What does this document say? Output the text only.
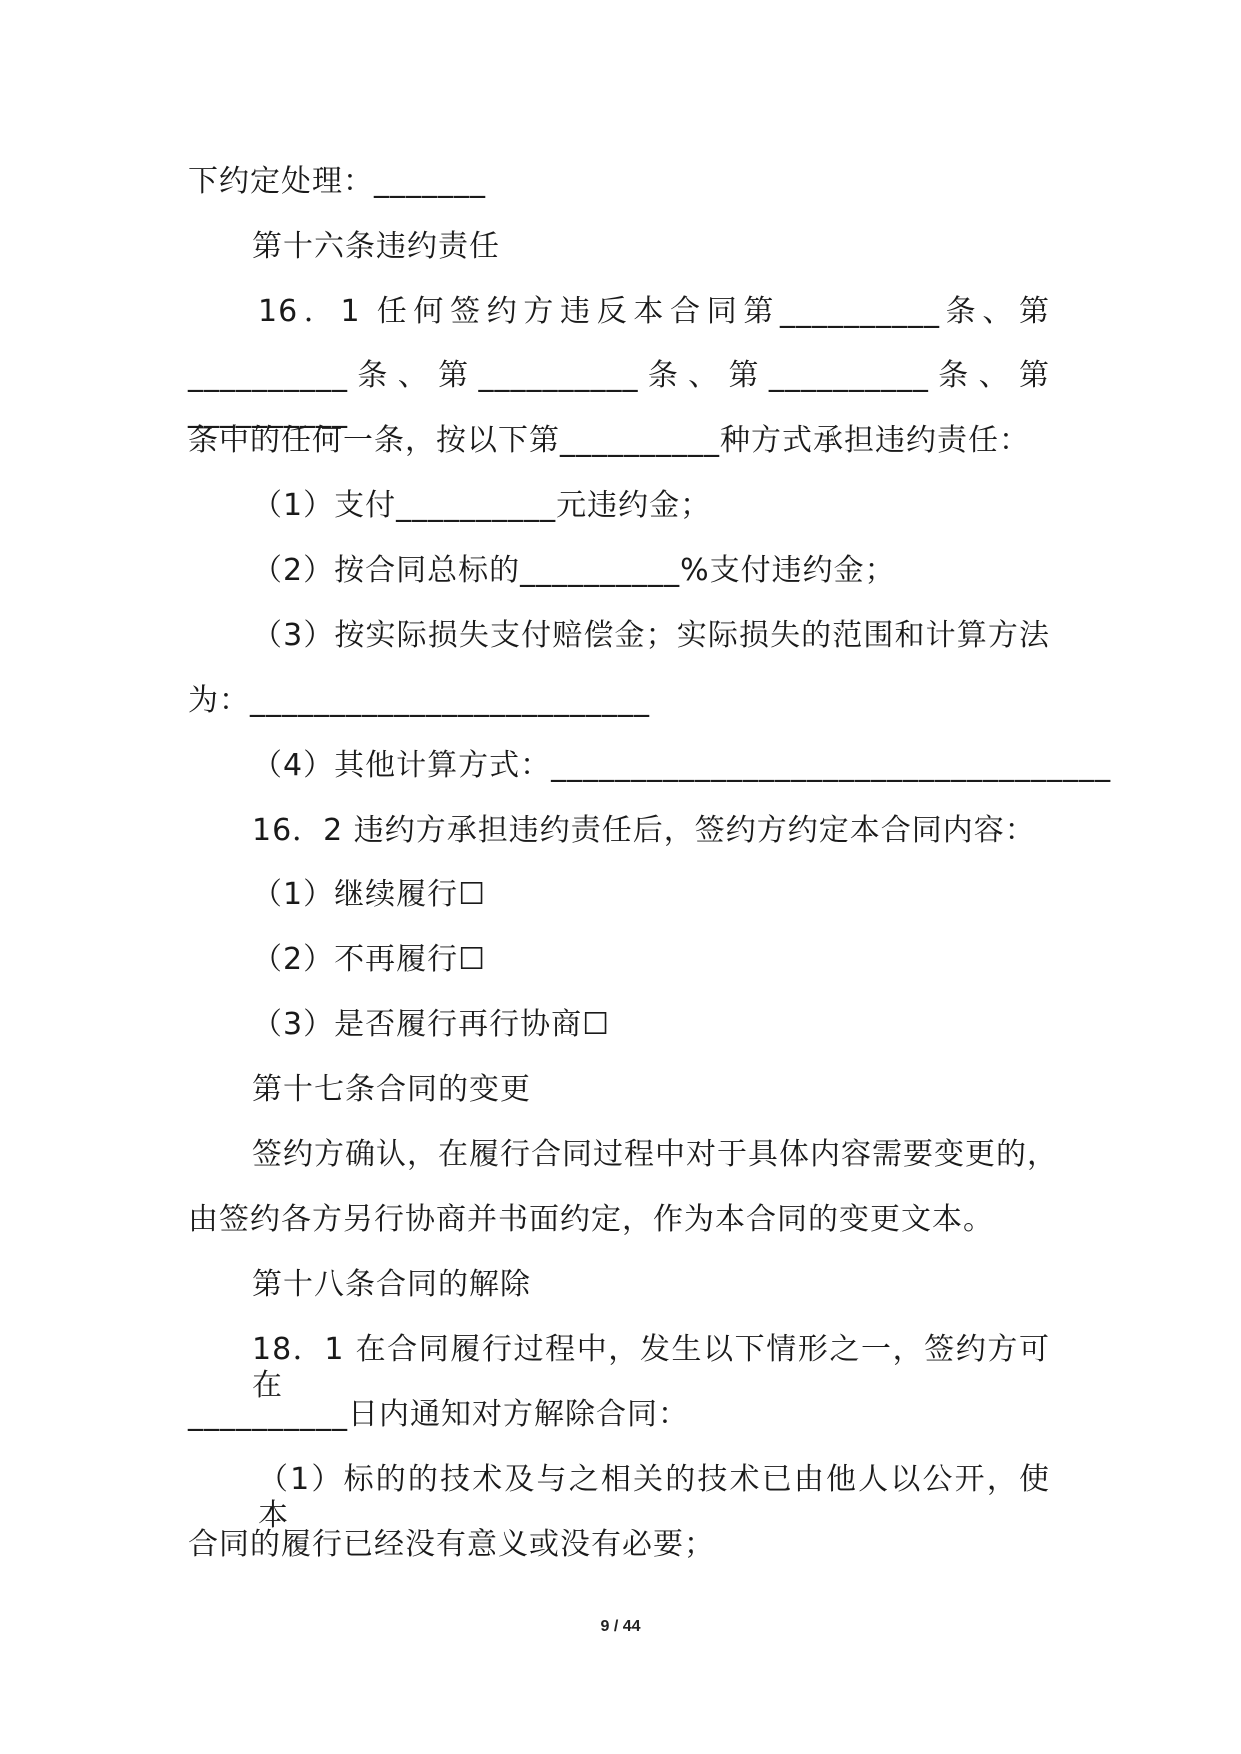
下约定处理：_______
第十六条违约责任
16．1 任何签约方违反本合同第__________条、第
__________条、第__________条、第__________条、第__________
条中的任何一条，按以下第__________种方式承担违约责任：
（1）支付__________元违约金；
（2）按合同总标的__________%支付违约金；
（3）按实际损失支付赔偿金；实际损失的范围和计算方法
为：_________________________
（4）其他计算方式：___________________________________
16．2 违约方承担违约责任后，签约方约定本合同内容：
（1）继续履行☐
（2）不再履行☐
（3）是否履行再行协商☐
第十七条合同的变更
签约方确认，在履行合同过程中对于具体内容需要变更的，
由签约各方另行协商并书面约定，作为本合同的变更文本。
第十八条合同的解除
18．1 在合同履行过程中，发生以下情形之一，签约方可在
__________日内通知对方解除合同：
（1）标的的技术及与之相关的技术已由他人以公开，使本
合同的履行已经没有意义或没有必要；
9 / 44
